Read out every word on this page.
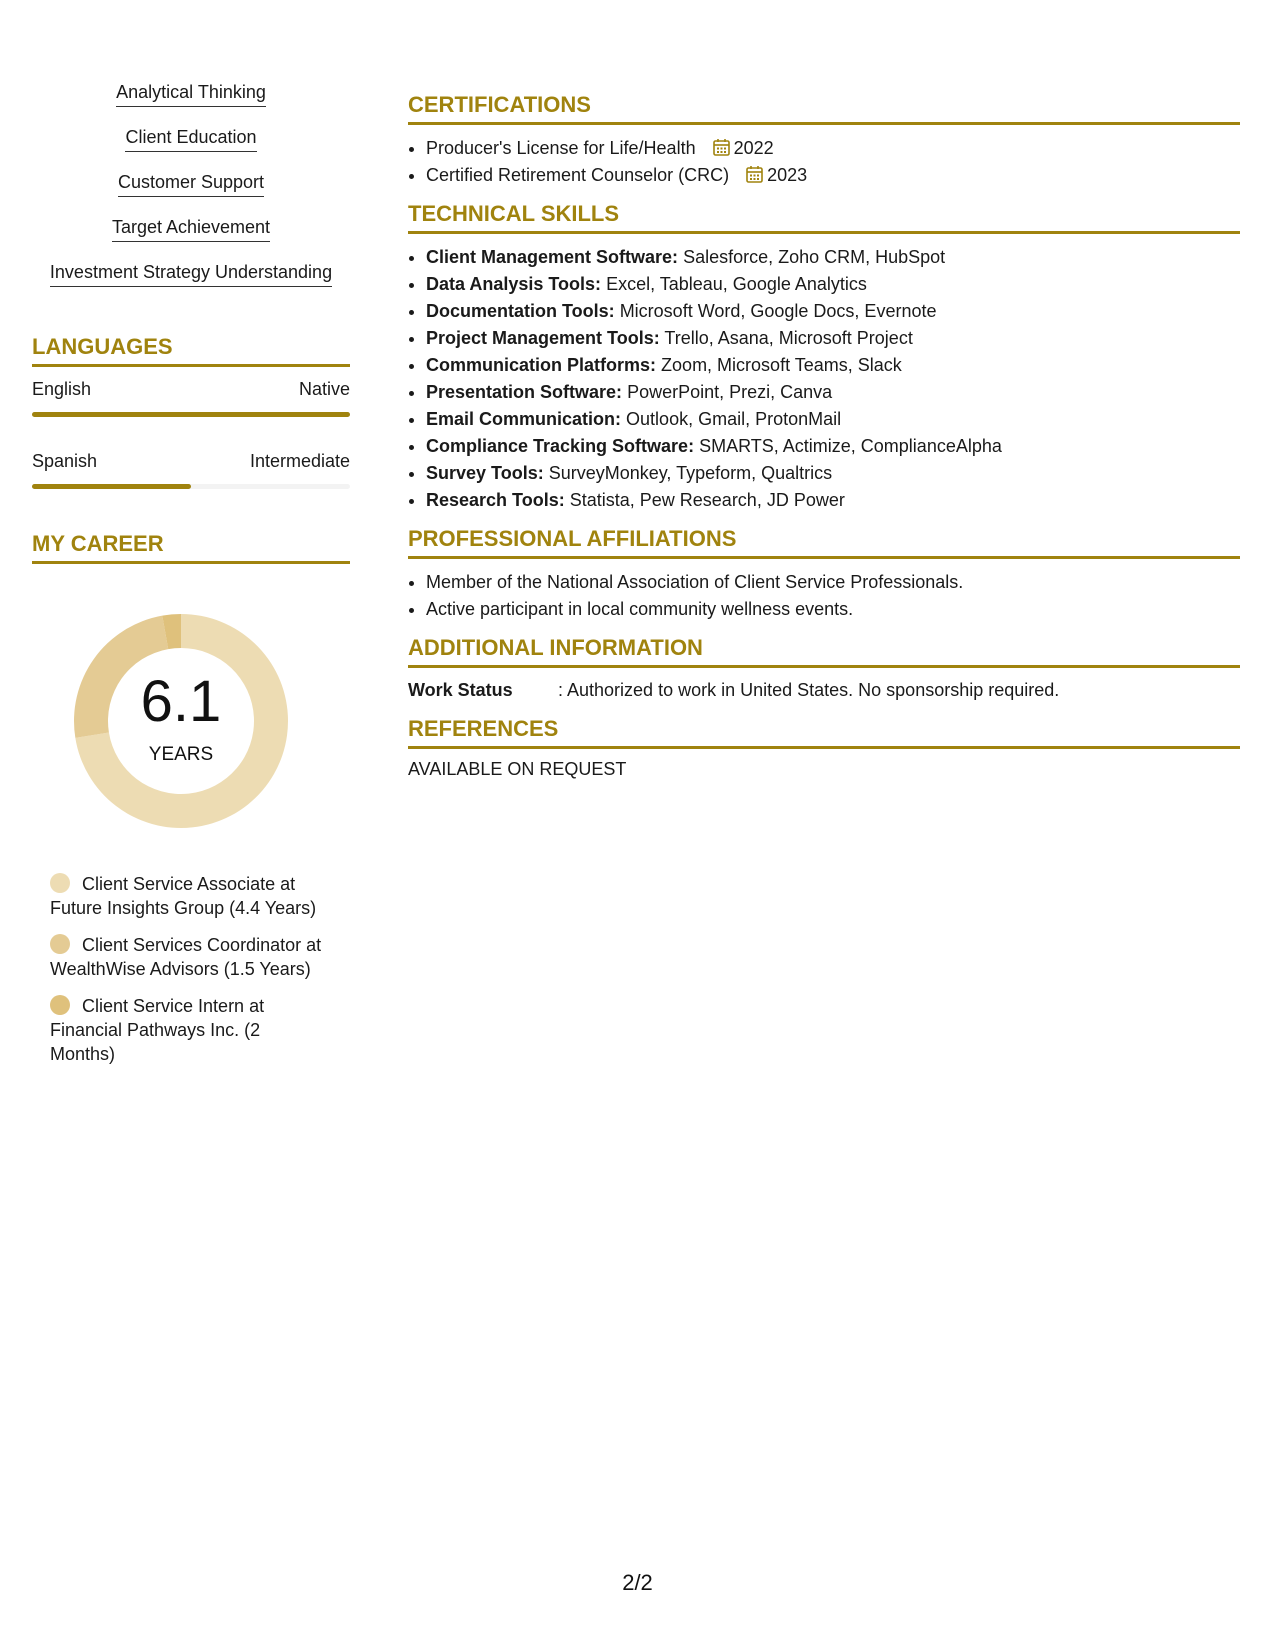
Analytical Thinking
Client Education
Customer Support
Target Achievement
Investment Strategy Understanding
LANGUAGES
English	Native
Spanish	Intermediate
MY CAREER
6.1
YEARS
Client Service Associate at Future Insights Group (4.4 Years)
Client Services Coordinator at WealthWise Advisors (1.5 Years)
Client Service Intern at Financial Pathways Inc. (2 Months)
CERTIFICATIONS
• Producer's License for Life/Health 2022
• Certified Retirement Counselor (CRC) 2023
TECHNICAL SKILLS
• Client Management Software: Salesforce, Zoho CRM, HubSpot
• Data Analysis Tools: Excel, Tableau, Google Analytics
• Documentation Tools: Microsoft Word, Google Docs, Evernote
• Project Management Tools: Trello, Asana, Microsoft Project
• Communication Platforms: Zoom, Microsoft Teams, Slack
• Presentation Software: PowerPoint, Prezi, Canva
• Email Communication: Outlook, Gmail, ProtonMail
• Compliance Tracking Software: SMARTS, Actimize, ComplianceAlpha
• Survey Tools: SurveyMonkey, Typeform, Qualtrics
• Research Tools: Statista, Pew Research, JD Power
PROFESSIONAL AFFILIATIONS
• Member of the National Association of Client Service Professionals.
• Active participant in local community wellness events.
ADDITIONAL INFORMATION
Work Status	: Authorized to work in United States. No sponsorship required.
REFERENCES
AVAILABLE ON REQUEST
2/2
